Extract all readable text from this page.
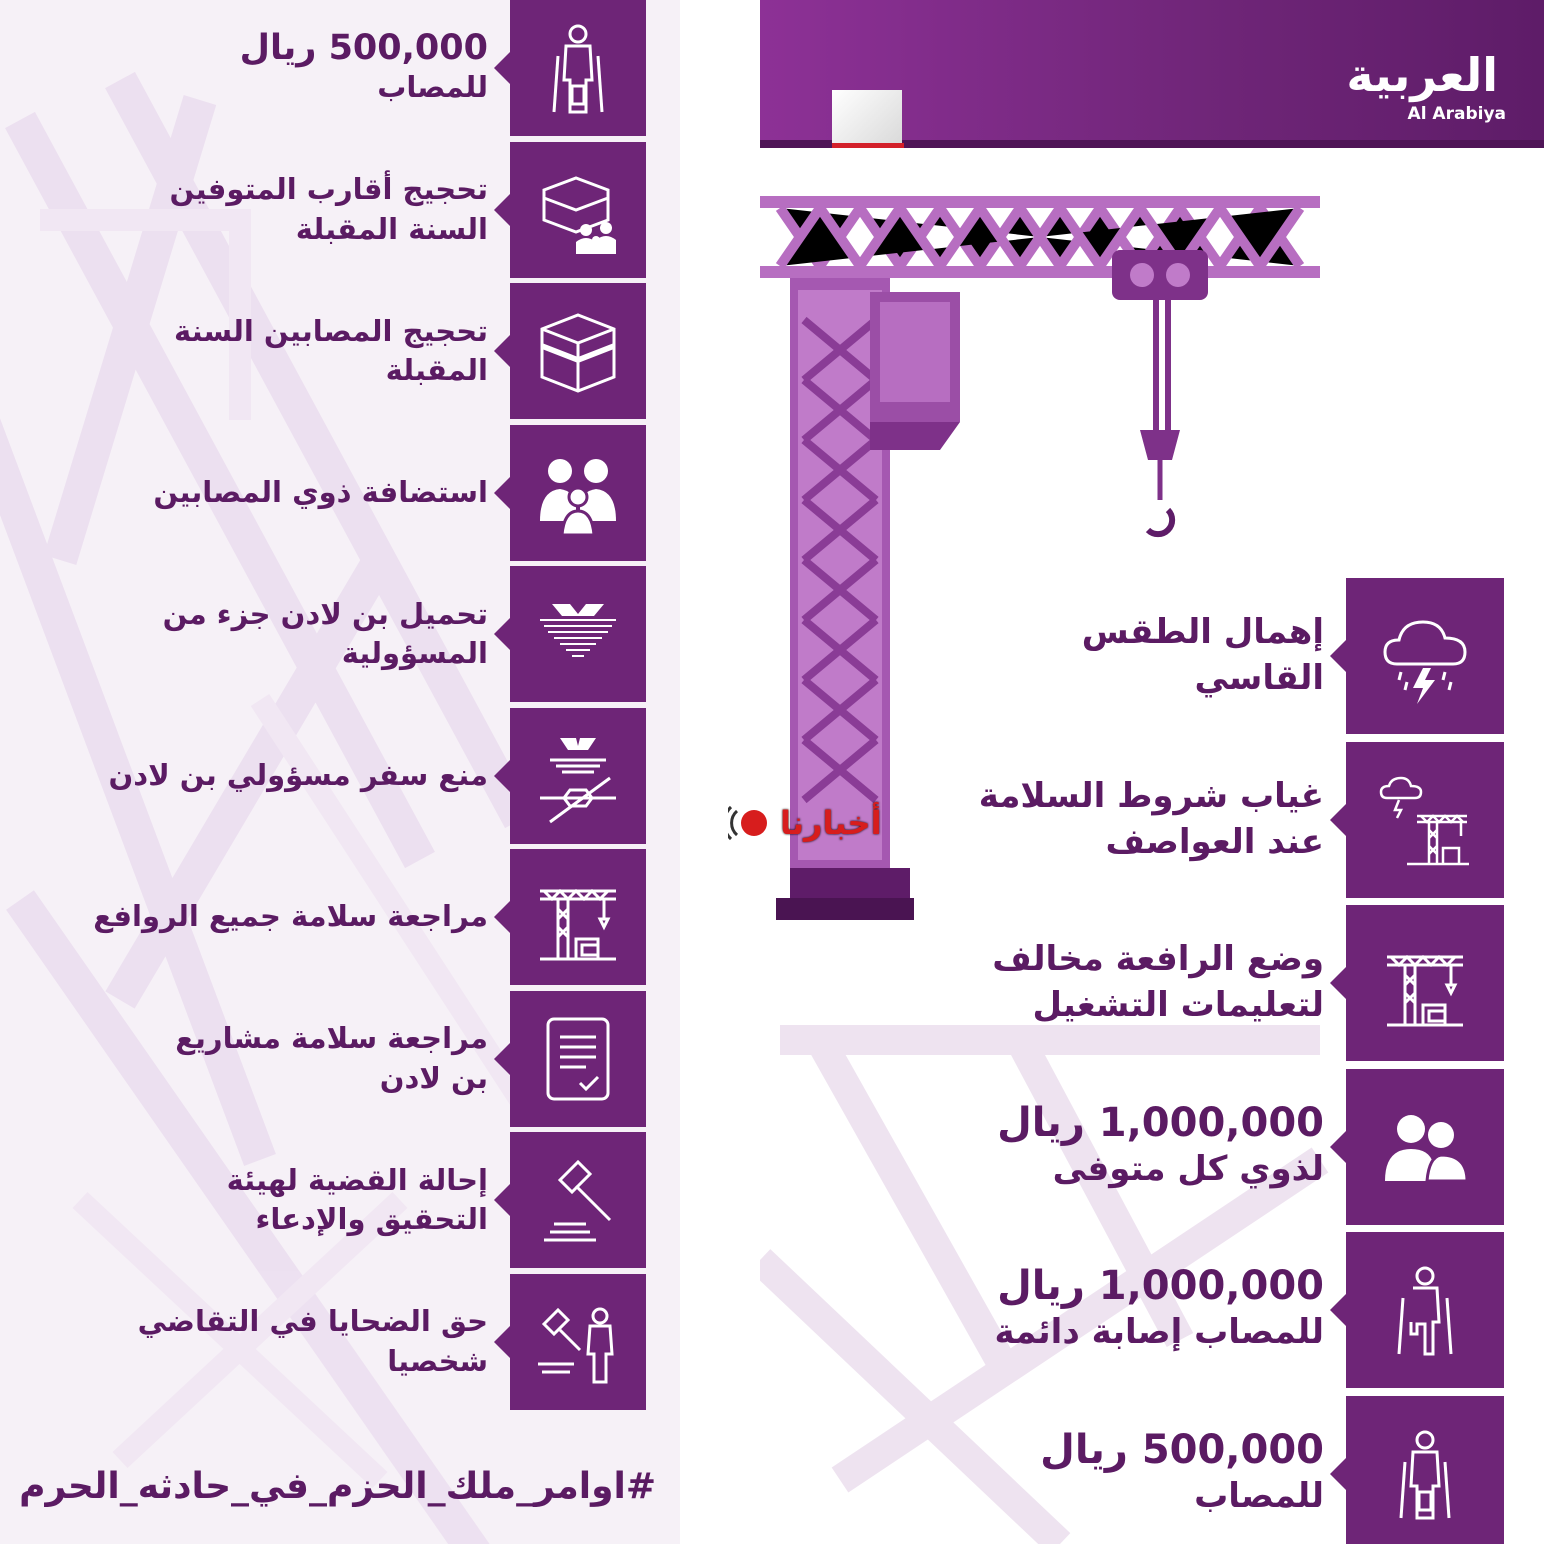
500,000 ريال
للمصاب
تحجيج أقارب المتوفين
السنة المقبلة
تحجيج المصابين السنة
المقبلة
استضافة ذوي المصابين
تحميل بن لادن جزء من
المسؤولية
منع سفر مسؤولي بن لادن
مراجعة سلامة جميع الروافع
مراجعة سلامة مشاريع
بن لادن
إحالة القضية لهيئة
التحقيق والإدعاء
حق الضحايا في التقاضي
شخصيا
#اوامر_ملك_الحزم_في_حادثه_الحرم
العربية
Al Arabiya
إهمال الطقس
القاسي
غياب شروط السلامة
عند العواصف
وضع الرافعة مخالف
لتعليمات التشغيل
1,000,000 ريال
لذوي كل متوفى
1,000,000 ريال
للمصاب إصابة دائمة
500,000 ريال
للمصاب
أخبارنا
